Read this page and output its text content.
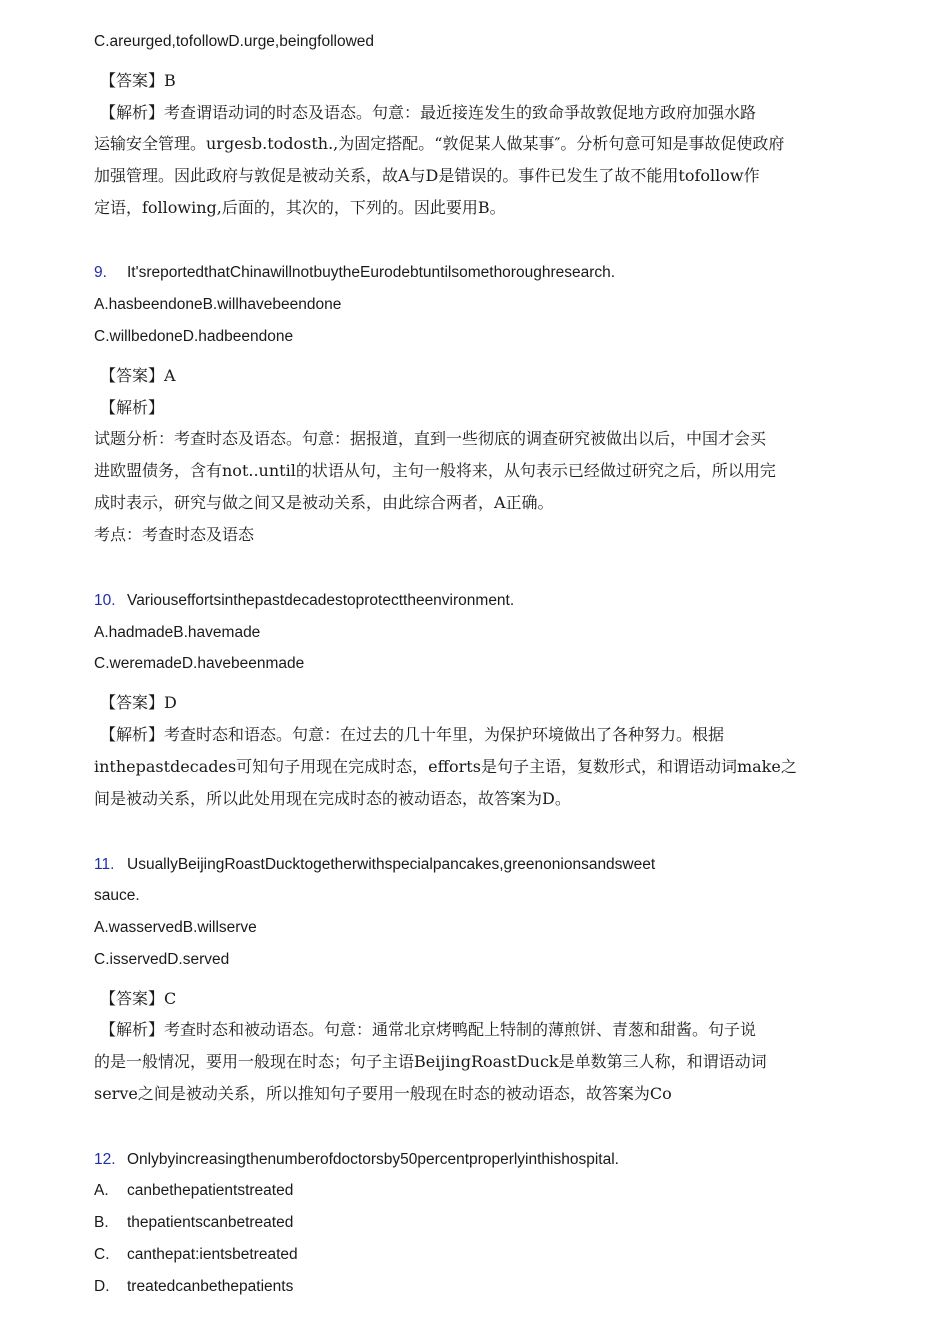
C.areurged,tofollowD.urge,beingfollowed
【答案】B
【解析】考查谓语动词的时态及语态。句意：最近接连发生的致命爭故敦促地方政府加强水路
运输安全管理。urgesb.todosth.,为固定搭配。“敦促某人做某事″。分析句意可知是事故促使政府
加强管理。因此政府与敦促是被动关系，故A与D是错误的。事件已发生了故不能用tofollow作
定语，following,后面的，其次的，下列的。因此要用B。
9. It'sreportedthatChinawillnotbuytheEurodebtuntilsomethoroughresearch.
A.hasbeendoneB.willhavebeendone
C.willbedoneD.hadbeendone
【答案】A
【解析】
试题分析：考查时态及语态。句意：据报道，直到一些彻底的调查研究被做出以后，中国才会买
进欧盟债务，含有not..until的状语从句，主句一般将来，从句表示已经做过研究之后，所以用完
成时表示，研究与做之间又是被动关系，由此综合两者，A正确。
考点：考查时态及语态
10. Variouseffortsinthepastdecadestoprotecttheenvironment.
A.hadmadeB.havemade
C.weremadeD.havebeenmade
【答案】D
【解析】考查时态和语态。句意：在过去的几十年里，为保护环境做出了各种努力。根据
inthepastdecades可知句子用现在完成时态，efforts是句子主语，复数形式，和谓语动词make之
间是被动关系，所以此处用现在完成时态的被动语态，故答案为D。
11. UsuallyBeijingRoastDucktogetherwithspecialpancakes,greenonionsandsweet
sauce.
A.wasservedB.willserve
C.isservedD.served
【答案】C
【解析】考查时态和被动语态。句意：通常北京烤鸭配上特制的薄煎饼、青葱和甜酱。句子说
的是一般情况，要用一般现在时态；句子主语BeijingRoastDuck是单数第三人称，和谓语动词
serve之间是被动关系，所以推知句子要用一般现在时态的被动语态，故答案为Co
12. Onlybyincreasingthenumberofdoctorsby50percentproperlyinthishospital.
A. canbethepatientstreated
B. thepatientscanbetreated
C. canthepat:ientsbetreated
D. treatedcanbethepatients
